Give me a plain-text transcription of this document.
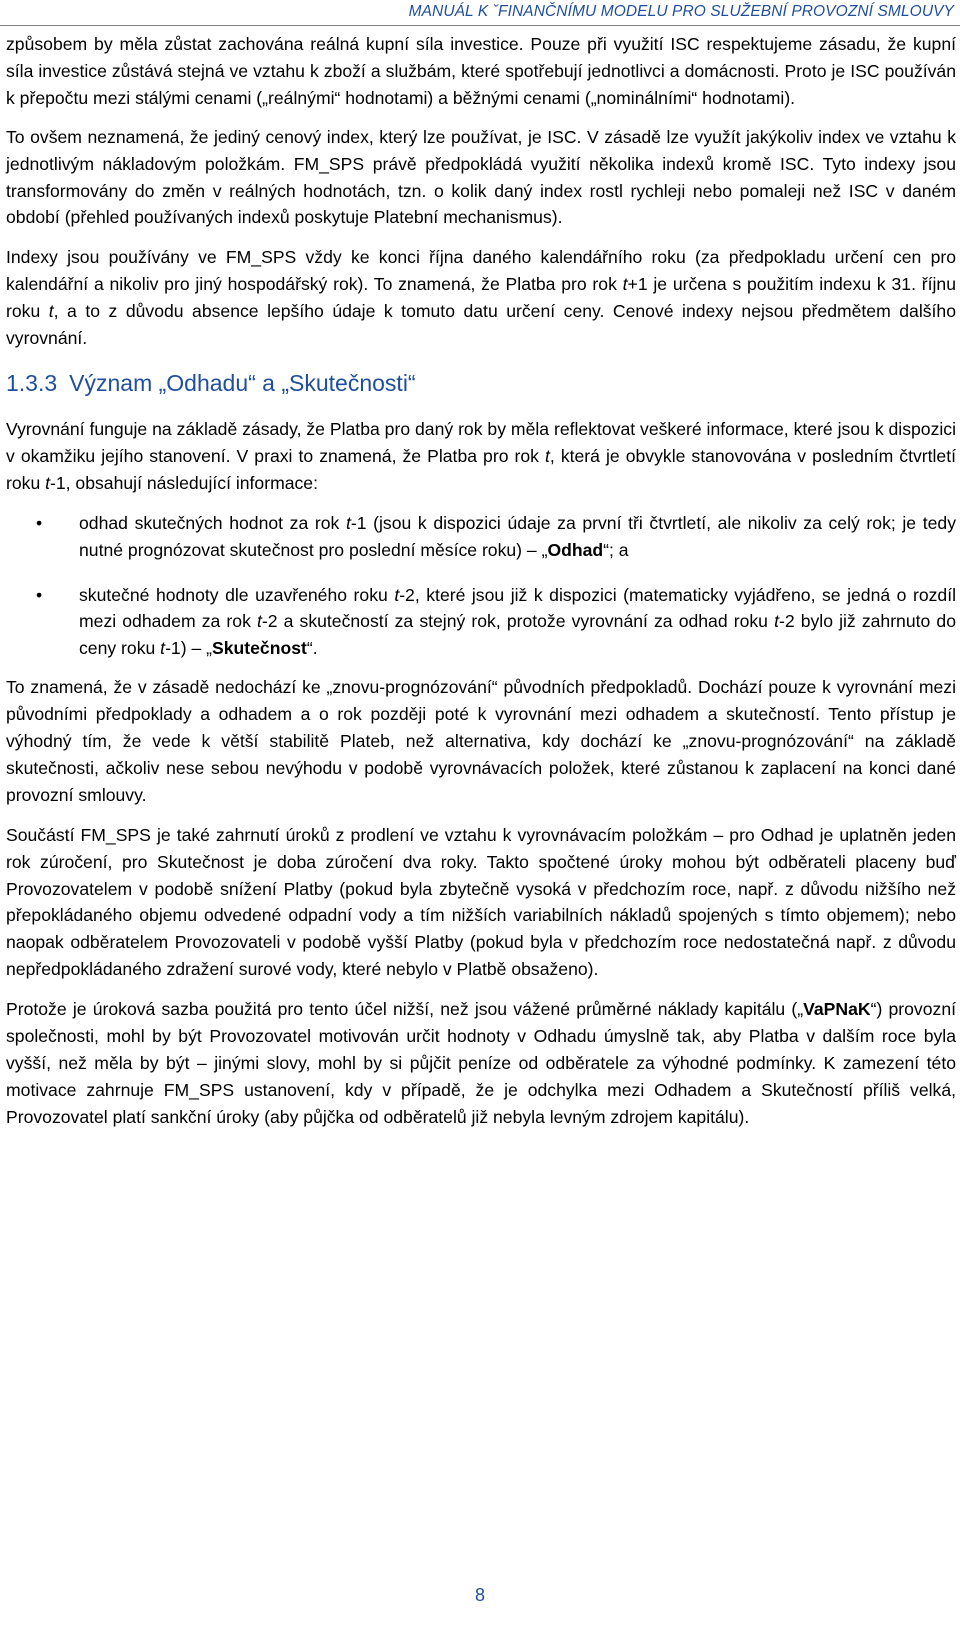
MANUÁL K ˇFINANČNÍMU MODELU PRO SLUŽEBNÍ PROVOZNÍ SMLOUVY

způsobem by měla zůstat zachována reálná kupní síla investice. Pouze při využití ISC respektujeme zásadu, že kupní síla investice zůstává stejná ve vztahu k zboží a službám, které spotřebují jednotlivci a domácnosti. Proto je ISC používán k přepočtu mezi stálými cenami („reálnými“ hodnotami) a běžnými cenami („nominálními“ hodnotami).

To ovšem neznamená, že jediný cenový index, který lze používat, je ISC. V zásadě lze využít jakýkoliv index ve vztahu k jednotlivým nákladovým položkám. FM_SPS právě předpokládá využití několika indexů kromě ISC. Tyto indexy jsou transformovány do změn v reálných hodnotách, tzn. o kolik daný index rostl rychleji nebo pomaleji než ISC v daném období (přehled používaných indexů poskytuje Platební mechanismus).

Indexy jsou používány ve FM_SPS vždy ke konci října daného kalendářního roku (za předpokladu určení cen pro kalendářní a nikoliv pro jiný hospodářský rok). To znamená, že Platba pro rok t+1 je určena s použitím indexu k 31. říjnu roku t, a to z důvodu absence lepšího údaje k tomuto datu určení ceny. Cenové indexy nejsou předmětem dalšího vyrovnání.

1.3.3 Význam „Odhadu“ a „Skutečnosti“

Vyrovnání funguje na základě zásady, že Platba pro daný rok by měla reflektovat veškeré informace, které jsou k dispozici v okamžiku jejího stanovení. V praxi to znamená, že Platba pro rok t, která je obvykle stanovována v posledním čtvrtletí roku t-1, obsahují následující informace:

• odhad skutečných hodnot za rok t-1 (jsou k dispozici údaje za první tři čtvrtletí, ale nikoliv za celý rok; je tedy nutné prognózovat skutečnost pro poslední měsíce roku) – „Odhad“; a
• skutečné hodnoty dle uzavřeného roku t-2, které jsou již k dispozici (matematicky vyjádřeno, se jedná o rozdíl mezi odhadem za rok t-2 a skutečností za stejný rok, protože vyrovnání za odhad roku t-2 bylo již zahrnuto do ceny roku t-1) – „Skutečnost“.

To znamená, že v zásadě nedochází ke „znovu-prognózování“ původních předpokladů. Dochází pouze k vyrovnání mezi původními předpoklady a odhadem a o rok později poté k vyrovnání mezi odhadem a skutečností. Tento přístup je výhodný tím, že vede k větší stabilitě Plateb, než alternativa, kdy dochází ke „znovu-prognózování“ na základě skutečnosti, ačkoliv nese sebou nevýhodu v podobě vyrovnávacích položek, které zůstanou k zaplacení na konci dané provozní smlouvy.

Součástí FM_SPS je také zahrnutí úroků z prodlení ve vztahu k vyrovnávacím položkám – pro Odhad je uplatněn jeden rok zúročení, pro Skutečnost je doba zúročení dva roky. Takto spočtené úroky mohou být odběrateli placeny buď Provozovatelem v podobě snížení Platby (pokud byla zbytečně vysoká v předchozím roce, např. z důvodu nižšího než přepokládaného objemu odvedené odpadní vody a tím nižších variabilních nákladů spojených s tímto objemem); nebo naopak odběratelem Provozovateli v podobě vyšší Platby (pokud byla v předchozím roce nedostatečná např. z důvodu nepředpokládaného zdražení surové vody, které nebylo v Platbě obsaženo).

Protože je úroková sazba použitá pro tento účel nižší, než jsou vážené průměrné náklady kapitálu („VaPNaK“) provozní společnosti, mohl by být Provozovatel motivován určit hodnoty v Odhadu úmyslně tak, aby Platba v dalším roce byla vyšší, než měla by být – jinými slovy, mohl by si půjčit peníze od odběratele za výhodné podmínky. K zamezení této motivace zahrnuje FM_SPS ustanovení, kdy v případě, že je odchylka mezi Odhadem a Skutečností příliš velká, Provozovatel platí sankční úroky (aby půjčka od odběratelů již nebyla levným zdrojem kapitálu).

8
